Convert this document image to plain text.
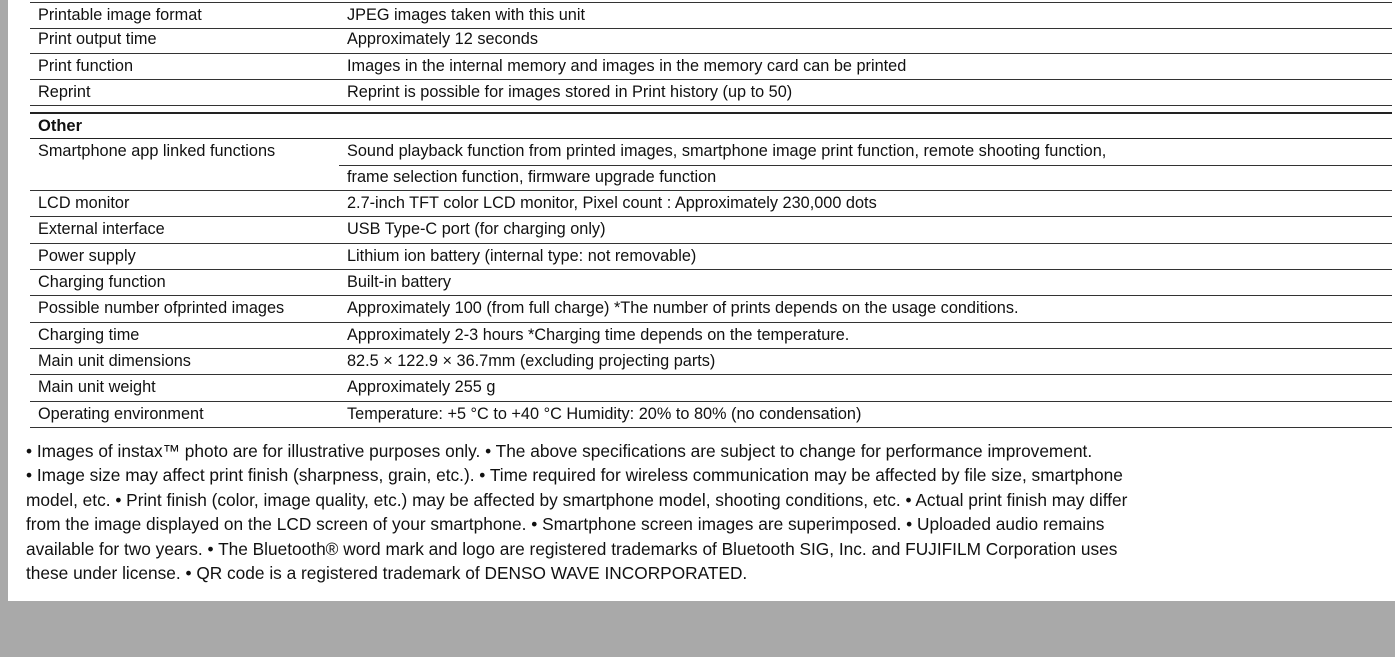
Printable image format	JPEG images taken with this unit
Print output time	Approximately 12 seconds
Print function	Images in the internal memory and images in the memory card can be printed
Reprint	Reprint is possible for images stored in Print history (up to 50)
Other
Smartphone app linked functions	Sound playback function from printed images, smartphone image print function, remote shooting function,
frame selection function, firmware upgrade function
LCD monitor	2.7-inch TFT color LCD monitor, Pixel count : Approximately 230,000 dots
External interface	USB Type-C port (for charging only)
Power supply	Lithium ion battery (internal type: not removable)
Charging function	Built-in battery
Possible number ofprinted images	Approximately 100 (from full charge) *The number of prints depends on the usage conditions.
Charging time	Approximately 2-3 hours *Charging time depends on the temperature.
Main unit dimensions	82.5 × 122.9 × 36.7mm (excluding projecting parts)
Main unit weight	Approximately 255 g
Operating environment	Temperature: +5 °C to +40 °C Humidity: 20% to 80% (no condensation)

• Images of instax™ photo are for illustrative purposes only. • The above specifications are subject to change for performance improvement.

• Image size may affect print finish (sharpness, grain, etc.). • Time required for wireless communication may be affected by file size, smartphone

model, etc. • Print finish (color, image quality, etc.) may be affected by smartphone model, shooting conditions, etc. • Actual print finish may differ

from the image displayed on the LCD screen of your smartphone. • Smartphone screen images are superimposed. • Uploaded audio remains

available for two years. • The Bluetooth® word mark and logo are registered trademarks of Bluetooth SIG, Inc. and FUJIFILM Corporation uses

these under license. • QR code is a registered trademark of DENSO WAVE INCORPORATED.
